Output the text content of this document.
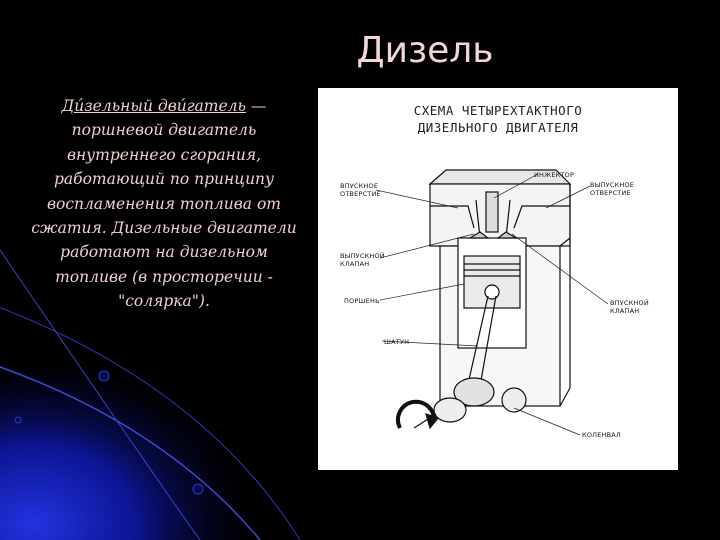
Дизель
Ди́зельный дви́гатель — поршневой двигатель внутреннего сгорания, работающий по принципу воспламенения топлива от сжатия. Дизельные двигатели работают на дизельном топливе (в просторечии - "солярка").
СХЕМА ЧЕТЫРЕХТАКТНОГО
ДИЗЕЛЬНОГО ДВИГАТЕЛЯ
ВПУСКНОЕ
ОТВЕРСТИЕ
ИНЖЕКТОР
ВЫПУСКНОЕ
ОТВЕРСТИЕ
ВЫПУСКНОЙ
КЛАПАН
ПОРШЕНЬ	ВПУСКНОЙ
КЛАПАН
ШАТУН
КОЛЕНВАЛ
